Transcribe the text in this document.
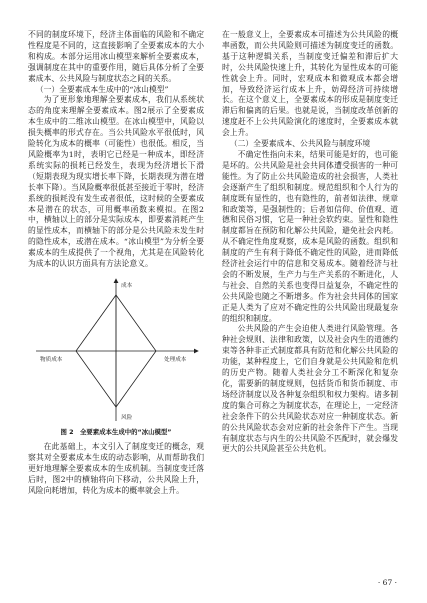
不同的制度环境下，经济主体面临的风险和不确定性程度是不同的，这直接影响了全要素成本的大小和构成。本部分运用冰山模型来解析全要素成本，强调制度在其中的重要作用，随后具体分析了全要素成本、公共风险与制度状态之间的关系。

（一）全要素成本生成中的“冰山模型”

为了更形象地理解全要素成本，我们从系统状态的角度来理解全要素成本。图2展示了全要素成本生成中的二维冰山模型。在冰山模型中，风险以损失概率的形式存在。当公共风险水平很低时，风险转化为成本的概率（可能性）也很低。相反，当风险概率为1时，表明它已经是一种成本，即经济系统实际的损耗已经发生，表现为经济增长下滑（短期表现为现实增长率下降，长期表现为潜在增长率下降）。当风险概率很低甚至接近于零时，经济系统的损耗没有发生或者很低，这时候的全要素成本是潜在的状态，可用概率函数来模拟。在图2中，横轴以上的部分是实际成本，即要素消耗产生的显性成本，而横轴下的部分是公共风险未发生时的隐性成本，或潜在成本。“冰山模型”为分析全要素成本的生成提供了一个视角，尤其是在风险转化为成本的认识方面具有方法论意义。

成本
物质成本	处理成本
风险
图 2　全要素成本生成中的“冰山模型”

在此基础上，本文引入了制度变迁的概念，观察其对全要素成本生成的动态影响，从而帮助我们更好地理解全要素成本的生成机制。当制度变迁落后时，图2中的横轴将向下移动，公共风险上升，风险向耗增加，转化为成本的概率就会上升。

在一般意义上，全要素成本可描述为公共风险的概率函数，而公共风险则可描述为制度变迁的函数。基于这种逻辑关系，当制度变迁偏差和滞后扩大时，公共风险快速上升，其转化为显性成本的可能性就会上升。同时，宏观成本和微观成本都会增加，导致经济运行成本上升，妨碍经济可持续增长。在这个意义上，全要素成本的形成是制度变迁滞后和偏离的后果。也就是说，当制度改革创新的速度赶不上公共风险演化的速度时，全要素成本就会上升。

（二）全要素成本、公共风险与制度环境

不确定性指向未来，结果可能是好的，也可能是坏的。公共风险是社会共同体遭受损害的一种可能性。为了防止公共风险造成的社会损害，人类社会逐渐产生了组织和制度。规范组织和个人行为的制度既有显性的，也有隐性的，前者如法律、规章和政策等，是强制性的；后者如信仰、价值观、道德和民俗习惯，它是一种社会软约束。显性和隐性制度都旨在预防和化解公共风险，避免社会内耗。从不确定性角度观察，成本是风险的函数。组织和制度的产生有利于降低不确定性的风险，进而降低经济社会运行中的信息和交易成本。随着经济与社会的不断发展，生产力与生产关系的不断进化，人与社会、自然的关系也变得日益复杂，不确定性的公共风险也随之不断增多。作为社会共同体的国家正是人类为了应对不确定性的公共风险出现最复杂的组织和制度。

公共风险的产生会迫使人类进行风险管理。各种社会规则、法律和政策，以及社会内生的道德约束等各种非正式制度都具有防范和化解公共风险的功能，某种程度上，它们自身就是公共风险和危机的历史产物。随着人类社会分工不断深化和复杂化，需要新的制度规则，包括货币和货币制度、市场经济制度以及各种复杂组织和权力架构。诸多制度的集合可称之为制度状态，在理论上，一定经济社会条件下的公共风险状态对应一种制度状态。新的公共风险状态会对应新的社会条件下产生。当现有制度状态与内生的公共风险不匹配时，就会爆发更大的公共风险甚至公共危机。

· 67 ·
